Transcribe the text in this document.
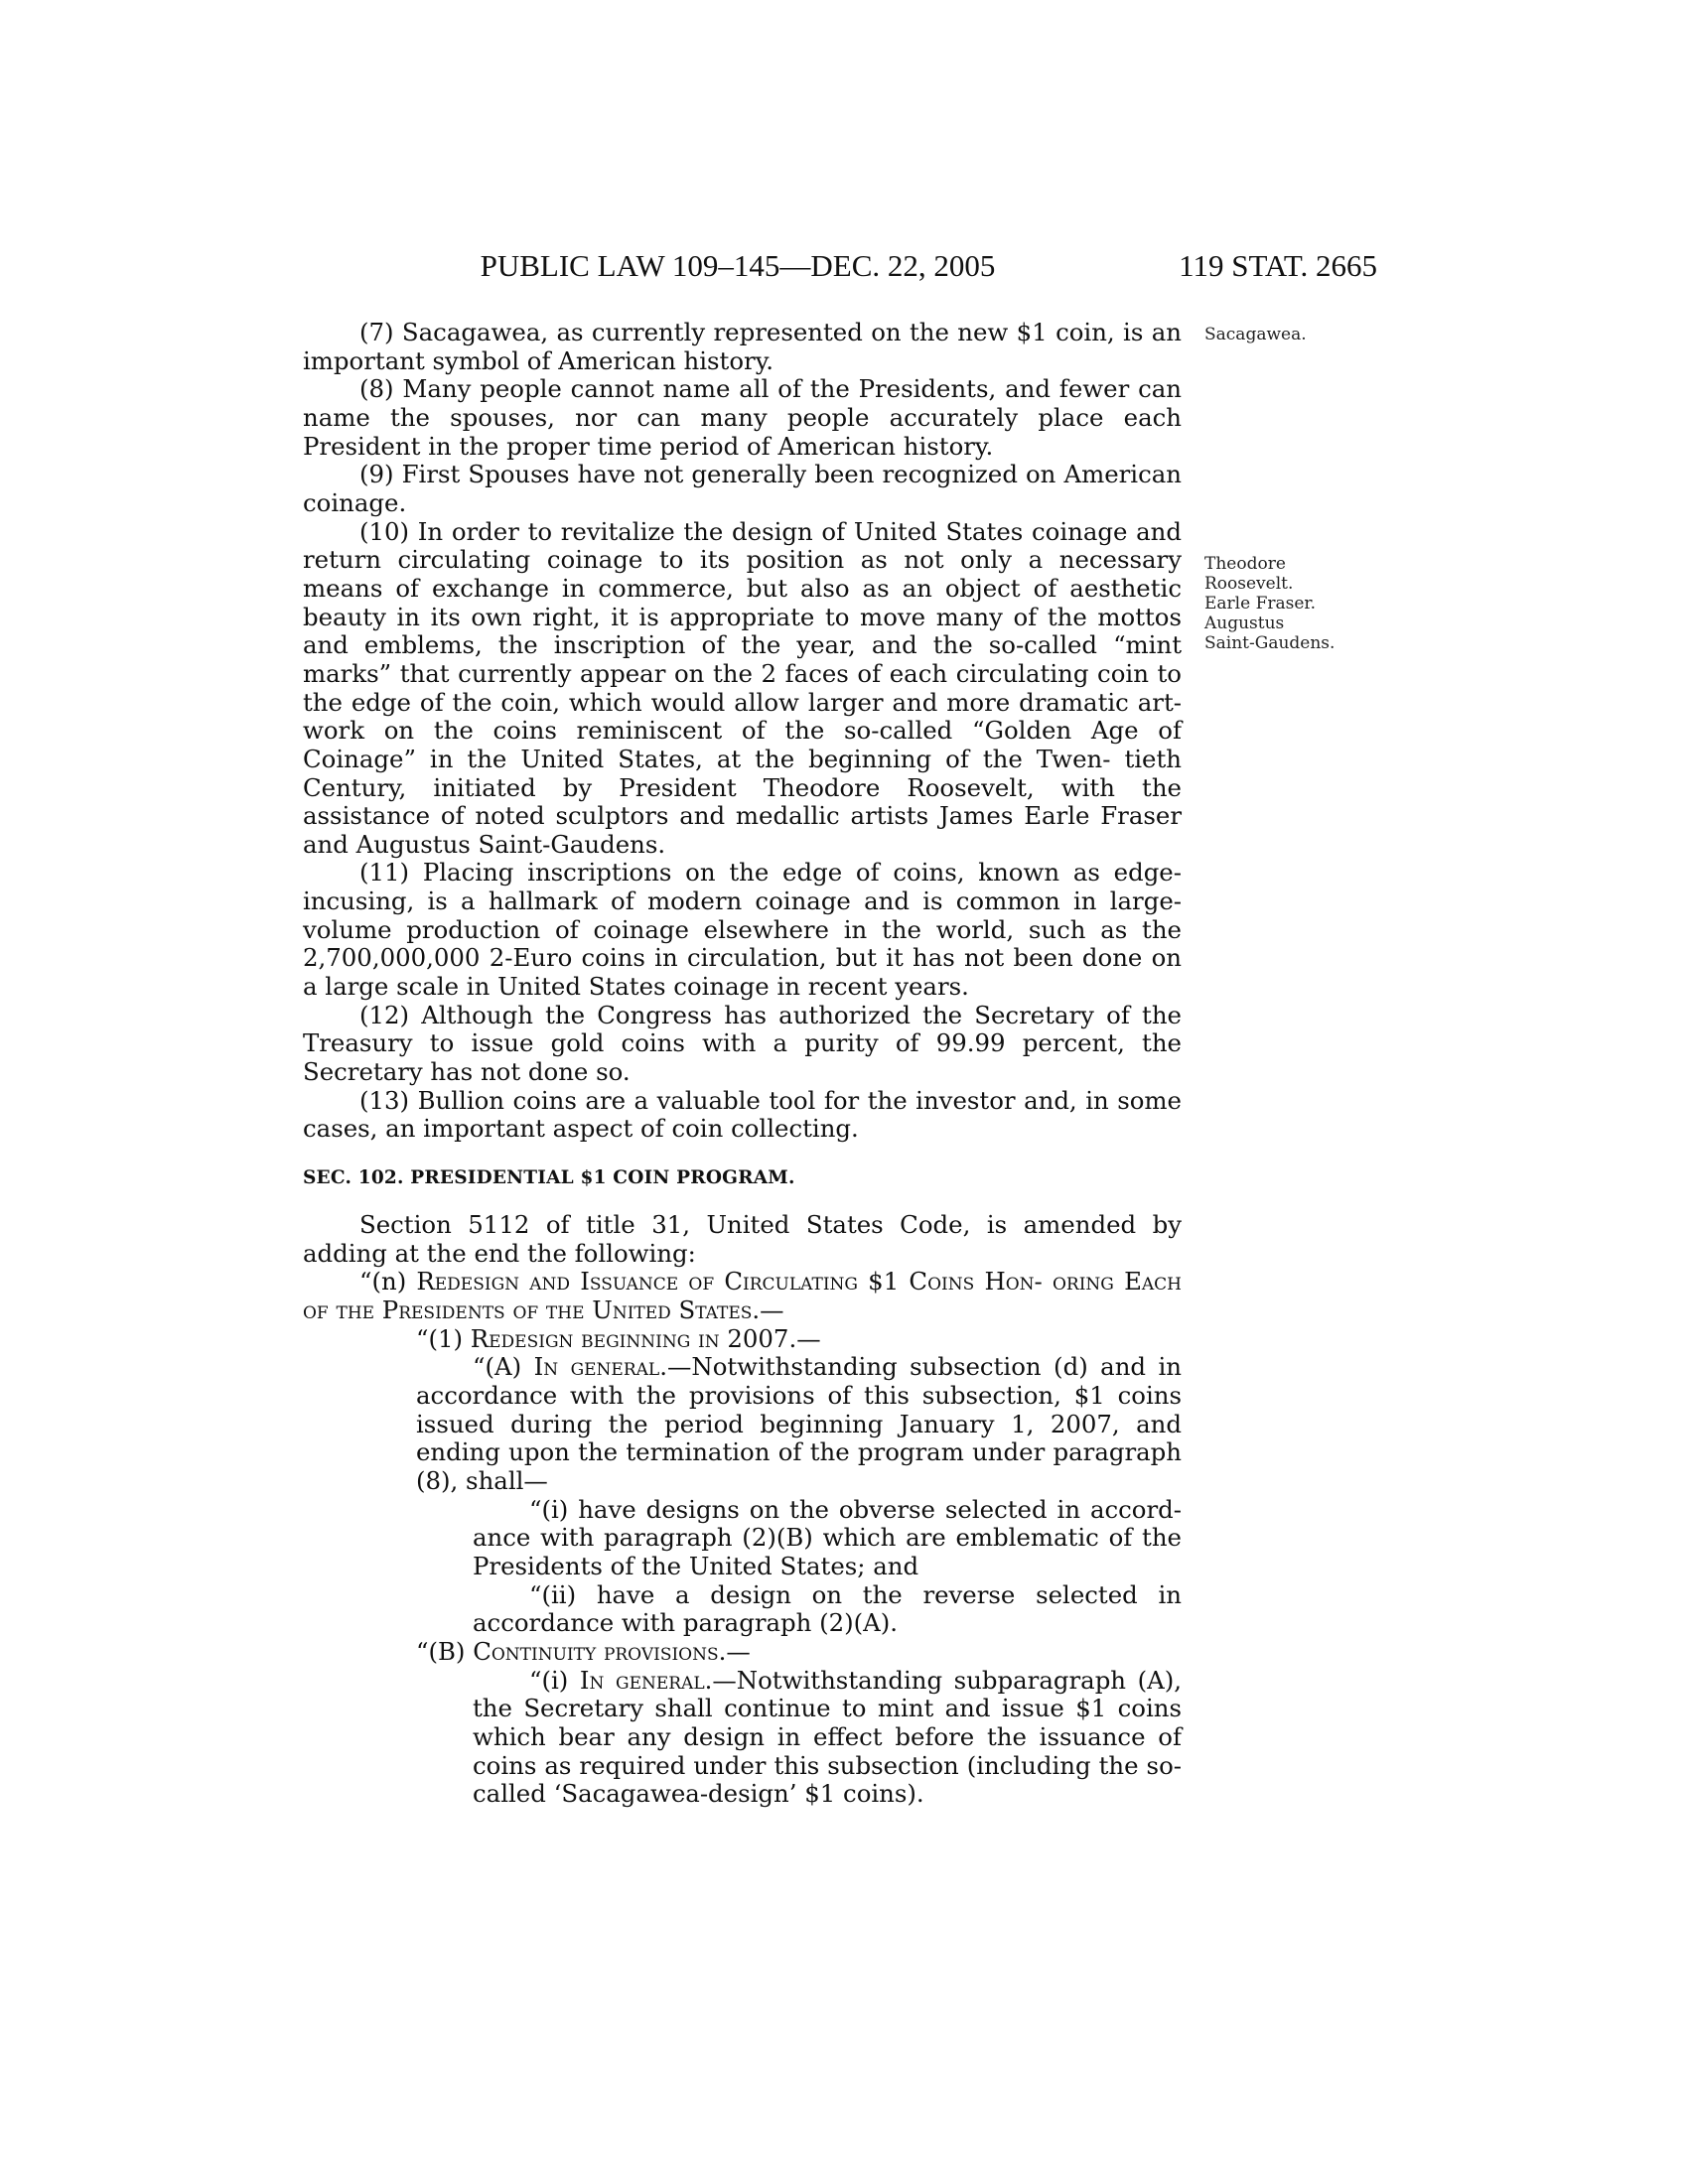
PUBLIC LAW 109–145—DEC. 22, 2005	119 STAT. 2665
Sacagawea.
Theodore
Roosevelt.
Earle Fraser.
Augustus
Saint-Gaudens.

(7) Sacagawea, as currently represented on the new $1 coin, is an important symbol of American history.

(8) Many people cannot name all of the Presidents, and fewer can name the spouses, nor can many people accurately place each President in the proper time period of American history.

(9) First Spouses have not generally been recognized on American coinage.

(10) In order to revitalize the design of United States coinage and return circulating coinage to its position as not only a necessary means of exchange in commerce, but also as an object of aesthetic beauty in its own right, it is appropriate to move many of the mottos and emblems, the inscription of the year, and the so-called “mint marks” that currently appear on the 2 faces of each circulating coin to the edge of the coin, which would allow larger and more dramatic art- work on the coins reminiscent of the so-called “Golden Age of Coinage” in the United States, at the beginning of the Twen- tieth Century, initiated by President Theodore Roosevelt, with the assistance of noted sculptors and medallic artists James Earle Fraser and Augustus Saint-Gaudens.

(11) Placing inscriptions on the edge of coins, known as edge-incusing, is a hallmark of modern coinage and is common in large-volume production of coinage elsewhere in the world, such as the 2,700,000,000 2-Euro coins in circulation, but it has not been done on a large scale in United States coinage in recent years.

(12) Although the Congress has authorized the Secretary of the Treasury to issue gold coins with a purity of 99.99 percent, the Secretary has not done so.

(13) Bullion coins are a valuable tool for the investor and, in some cases, an important aspect of coin collecting.

SEC. 102. PRESIDENTIAL $1 COIN PROGRAM.

Section 5112 of title 31, United States Code, is amended by adding at the end the following:

“(n) Redesign and Issuance of Circulating $1 Coins Hon- oring Each of the Presidents of the United States.—

“(1) Redesign beginning in 2007.—

“(A) In general.—Notwithstanding subsection (d) and in accordance with the provisions of this subsection, $1 coins issued during the period beginning January 1, 2007, and ending upon the termination of the program under paragraph (8), shall—

“(i) have designs on the obverse selected in accord- ance with paragraph (2)(B) which are emblematic of the Presidents of the United States; and

“(ii) have a design on the reverse selected in accordance with paragraph (2)(A).

“(B) Continuity provisions.—

“(i) In general.—Notwithstanding subparagraph (A), the Secretary shall continue to mint and issue $1 coins which bear any design in effect before the issuance of coins as required under this subsection (including the so-called ‘Sacagawea-design’ $1 coins).
